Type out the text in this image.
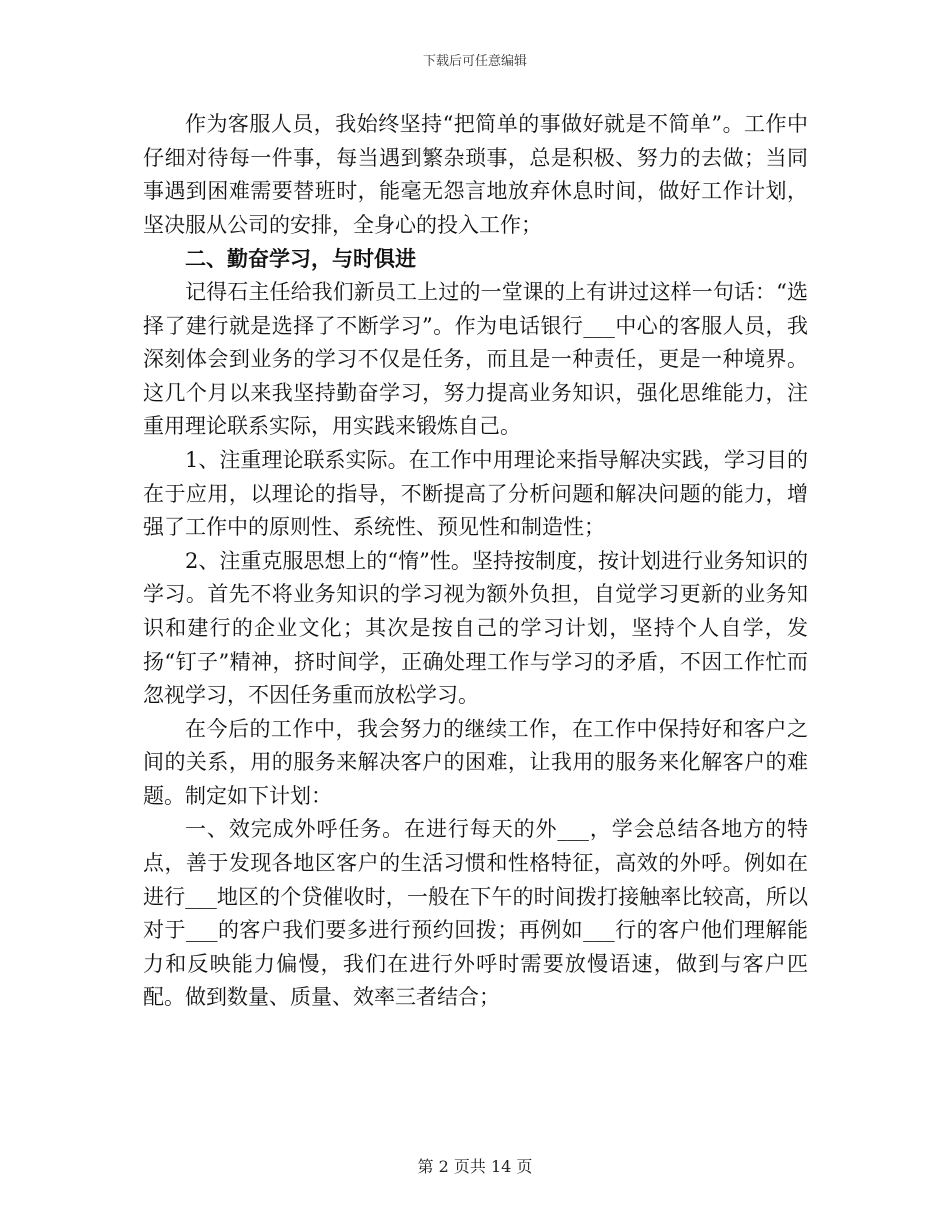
下载后可任意编辑

作为客服人员，我始终坚持“把简单的事做好就是不简单”。工作中仔细对待每一件事，每当遇到繁杂琐事，总是积极、努力的去做；当同事遇到困难需要替班时，能毫无怨言地放弃休息时间，做好工作计划，坚决服从公司的安排，全身心的投入工作；

二、勤奋学习，与时俱进

记得石主任给我们新员工上过的一堂课的上有讲过这样一句话：“选择了建行就是选择了不断学习”。作为电话银行___中心的客服人员，我深刻体会到业务的学习不仅是任务，而且是一种责任，更是一种境界。这几个月以来我坚持勤奋学习，努力提高业务知识，强化思维能力，注重用理论联系实际，用实践来锻炼自己。

1、注重理论联系实际。在工作中用理论来指导解决实践，学习目的在于应用，以理论的指导，不断提高了分析问题和解决问题的能力，增强了工作中的原则性、系统性、预见性和制造性；

2、注重克服思想上的“惰”性。坚持按制度，按计划进行业务知识的学习。首先不将业务知识的学习视为额外负担，自觉学习更新的业务知识和建行的企业文化；其次是按自己的学习计划，坚持个人自学，发扬“钉子”精神，挤时间学，正确处理工作与学习的矛盾，不因工作忙而忽视学习，不因任务重而放松学习。

在今后的工作中，我会努力的继续工作，在工作中保持好和客户之间的关系，用的服务来解决客户的困难，让我用的服务来化解客户的难题。制定如下计划：

一、效完成外呼任务。在进行每天的外___，学会总结各地方的特点，善于发现各地区客户的生活习惯和性格特征，高效的外呼。例如在进行___地区的个贷催收时，一般在下午的时间拨打接触率比较高，所以对于___的客户我们要多进行预约回拨；再例如___行的客户他们理解能力和反映能力偏慢，我们在进行外呼时需要放慢语速，做到与客户匹配。做到数量、质量、效率三者结合；

第 2 页共 14 页
